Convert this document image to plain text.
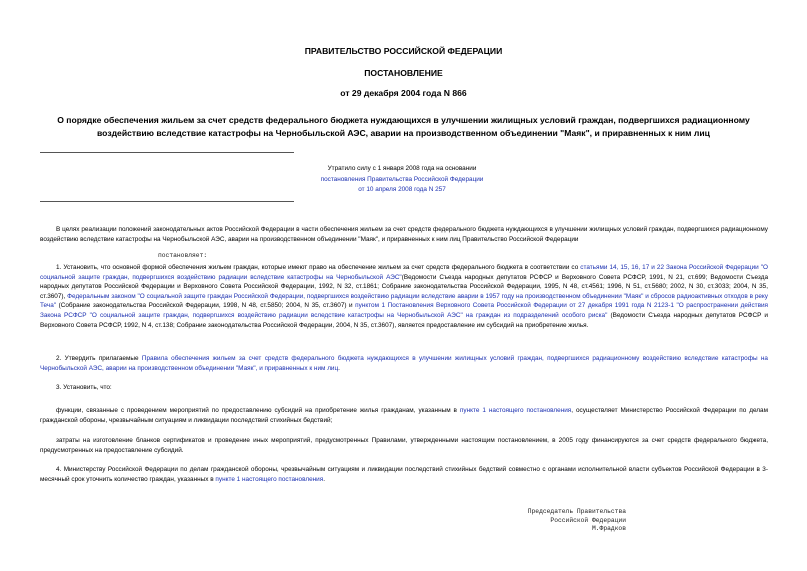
ПРАВИТЕЛЬСТВО РОССИЙСКОЙ ФЕДЕРАЦИИ
ПОСТАНОВЛЕНИЕ
от 29 декабря 2004 года N 866
О порядке обеспечения жильем за счет средств федерального бюджета нуждающихся в улучшении жилищных условий граждан, подвергшихся радиационному
воздействию вследствие катастрофы на Чернобыльской АЭС, аварии на производственном объединении "Маяк", и приравненных к ним лиц
Утратило силу с 1 января 2008 года на основании
постановления Правительства Российской Федерации
от 10 апреля 2008 года N 257

В целях реализации положений законодательных актов Российской Федерации в части обеспечения жильем за счет средств федерального бюджета нуждающихся в улучшении жилищных условий граждан, подвергшихся радиационному воздействию вследствие катастрофы на Чернобыльской АЭС, аварии на производственном объединении "Маяк", и приравненных к ним лиц Правительство Российской Федерации

постановляет:

1. Установить, что основной формой обеспечения жильем граждан, которые имеют право на обеспечение жильем за счет средств федерального бюджета в соответствии со статьями 14, 15, 16, 17 и 22 Закона Российской Федерации "О социальной защите граждан, подвергшихся воздействию радиации вследствие катастрофы на Чернобыльской АЭС"(Ведомости Съезда народных депутатов РСФСР и Верховного Совета РСФСР, 1991, N 21, ст.699; Ведомости Съезда народных депутатов Российской Федерации и Верховного Совета Российской Федерации, 1992, N 32, ст.1861; Собрание законодательства Российской Федерации, 1995, N 48, ст.4561; 1996, N 51, ст.5680; 2002, N 30, ст.3033; 2004, N 35, ст.3607), Федеральным законом "О социальной защите граждан Российской Федерации, подвергшихся воздействию радиации вследствие аварии в 1957 году на производственном объединении "Маяк" и сбросов радиоактивных отходов в реку Теча" (Собрание законодательства Российской Федерации, 1998, N 48, ст.5850; 2004, N 35, ст.3607) и пунктом 1 Постановления Верховного Совета Российской Федерации от 27 декабря 1991 года N 2123-1 "О распространении действия Закона РСФСР "О социальной защите граждан, подвергшихся воздействию радиации вследствие катастрофы на Чернобыльской АЭС" на граждан из подразделений особого риска" (Ведомости Съезда народных депутатов РСФСР и Верховного Совета РСФСР, 1992, N 4, ст.138; Собрание законодательства Российской Федерации, 2004, N 35, ст.3607), является предоставление им субсидий на приобретение жилья.

2. Утвердить прилагаемые Правила обеспечения жильем за счет средств федерального бюджета нуждающихся в улучшении жилищных условий граждан, подвергшихся радиационному воздействию вследствие катастрофы на Чернобыльской АЭС, аварии на производственном объединении "Маяк", и приравненных к ним лиц.

3. Установить, что:

функции, связанные с проведением мероприятий по предоставлению субсидий на приобретение жилья гражданам, указанным в пункте 1 настоящего постановления, осуществляет Министерство Российской Федерации по делам гражданской обороны, чрезвычайным ситуациям и ликвидации последствий стихийных бедствий;

затраты на изготовление бланков сертификатов и проведение иных мероприятий, предусмотренных Правилами, утвержденными настоящим постановлением, в 2005 году финансируются за счет средств федерального бюджета, предусмотренных на предоставление субсидий.

4. Министерству Российской Федерации по делам гражданской обороны, чрезвычайным ситуациям и ликвидации последствий стихийных бедствий совместно с органами исполнительной власти субъектов Российской Федерации в 3-месячный срок уточнить количество граждан, указанных в пункте 1 настоящего постановления.

Председатель Правительства
Российской Федерации
М.Фрадков
